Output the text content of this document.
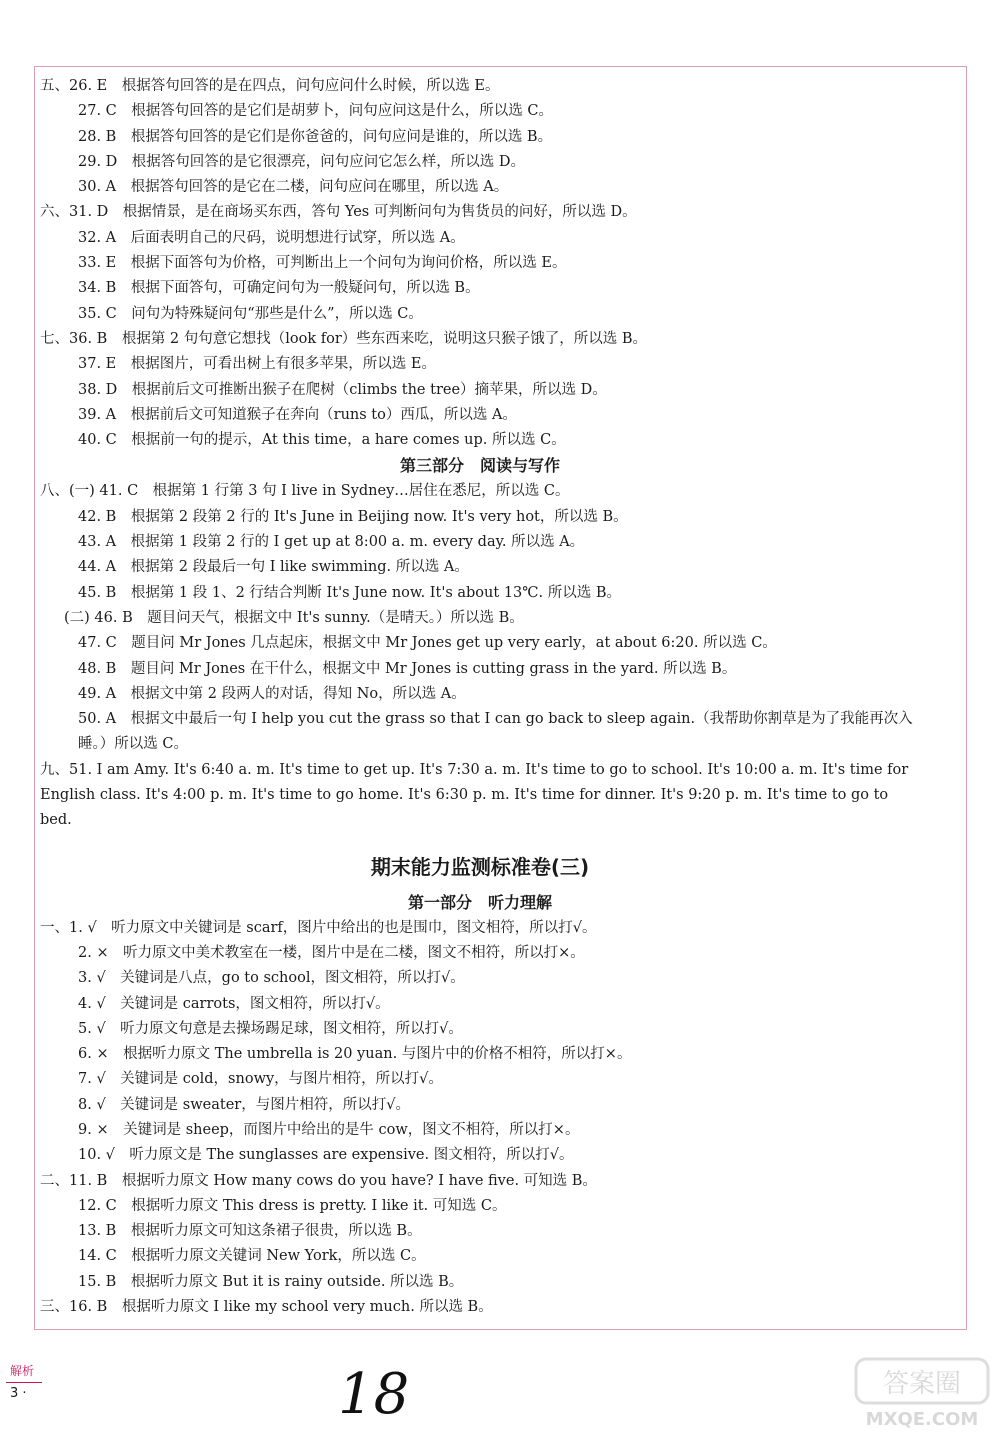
五、26. E　根据答句回答的是在四点，问句应问什么时候，所以选 E。
27. C　根据答句回答的是它们是胡萝卜，问句应问这是什么，所以选 C。
28. B　根据答句回答的是它们是你爸爸的，问句应问是谁的，所以选 B。
29. D　根据答句回答的是它很漂亮，问句应问它怎么样，所以选 D。
30. A　根据答句回答的是它在二楼，问句应问在哪里，所以选 A。
六、31. D　根据情景，是在商场买东西，答句 Yes 可判断问句为售货员的问好，所以选 D。
32. A　后面表明自己的尺码，说明想进行试穿，所以选 A。
33. E　根据下面答句为价格，可判断出上一个问句为询问价格，所以选 E。
34. B　根据下面答句，可确定问句为一般疑问句，所以选 B。
35. C　问句为特殊疑问句“那些是什么”，所以选 C。
七、36. B　根据第 2 句句意它想找（look for）些东西来吃，说明这只猴子饿了，所以选 B。
37. E　根据图片，可看出树上有很多苹果，所以选 E。
38. D　根据前后文可推断出猴子在爬树（climbs the tree）摘苹果，所以选 D。
39. A　根据前后文可知道猴子在奔向（runs to）西瓜，所以选 A。
40. C　根据前一句的提示，At this time，a hare comes up. 所以选 C。
第三部分　阅读与写作
八、(一) 41. C　根据第 1 行第 3 句 I live in Sydney…居住在悉尼，所以选 C。
42. B　根据第 2 段第 2 行的 It's June in Beijing now. It's very hot，所以选 B。
43. A　根据第 1 段第 2 行的 I get up at 8:00 a. m. every day. 所以选 A。
44. A　根据第 2 段最后一句 I like swimming. 所以选 A。
45. B　根据第 1 段 1、2 行结合判断 It's June now. It's about 13℃. 所以选 B。
(二) 46. B　题目问天气，根据文中 It's sunny.（是晴天。）所以选 B。
47. C　题目问 Mr Jones 几点起床，根据文中 Mr Jones get up very early，at about 6:20. 所以选 C。
48. B　题目问 Mr Jones 在干什么，根据文中 Mr Jones is cutting grass in the yard. 所以选 B。
49. A　根据文中第 2 段两人的对话，得知 No，所以选 A。
50. A　根据文中最后一句 I help you cut the grass so that I can go back to sleep again.（我帮助你割草是为了我能再次入睡。）所以选 C。
九、51. I am Amy. It's 6:40 a. m. It's time to get up. It's 7:30 a. m. It's time to go to school. It's 10:00 a. m. It's time for English class. It's 4:00 p. m. It's time to go home. It's 6:30 p. m. It's time for dinner. It's 9:20 p. m. It's time to go to bed.
期末能力监测标准卷(三)
第一部分　听力理解
一、1. √　听力原文中关键词是 scarf，图片中给出的也是围巾，图文相符，所以打√。
2. ×　听力原文中美术教室在一楼，图片中是在二楼，图文不相符，所以打×。
3. √　关键词是八点，go to school，图文相符，所以打√。
4. √　关键词是 carrots，图文相符，所以打√。
5. √　听力原文句意是去操场踢足球，图文相符，所以打√。
6. ×　根据听力原文 The umbrella is 20 yuan. 与图片中的价格不相符，所以打×。
7. √　关键词是 cold，snowy，与图片相符，所以打√。
8. √　关键词是 sweater，与图片相符，所以打√。
9. ×　关键词是 sheep，而图片中给出的是牛 cow，图文不相符，所以打×。
10. √　听力原文是 The sunglasses are expensive. 图文相符，所以打√。
二、11. B　根据听力原文 How many cows do you have? I have five. 可知选 B。
12. C　根据听力原文 This dress is pretty. I like it. 可知选 C。
13. B　根据听力原文可知这条裙子很贵，所以选 B。
14. C　根据听力原文关键词 New York，所以选 C。
15. B　根据听力原文 But it is rainy outside. 所以选 B。
三、16. B　根据听力原文 I like my school very much. 所以选 B。
解析
3 ·	18	答案圈
MXQE.COM
